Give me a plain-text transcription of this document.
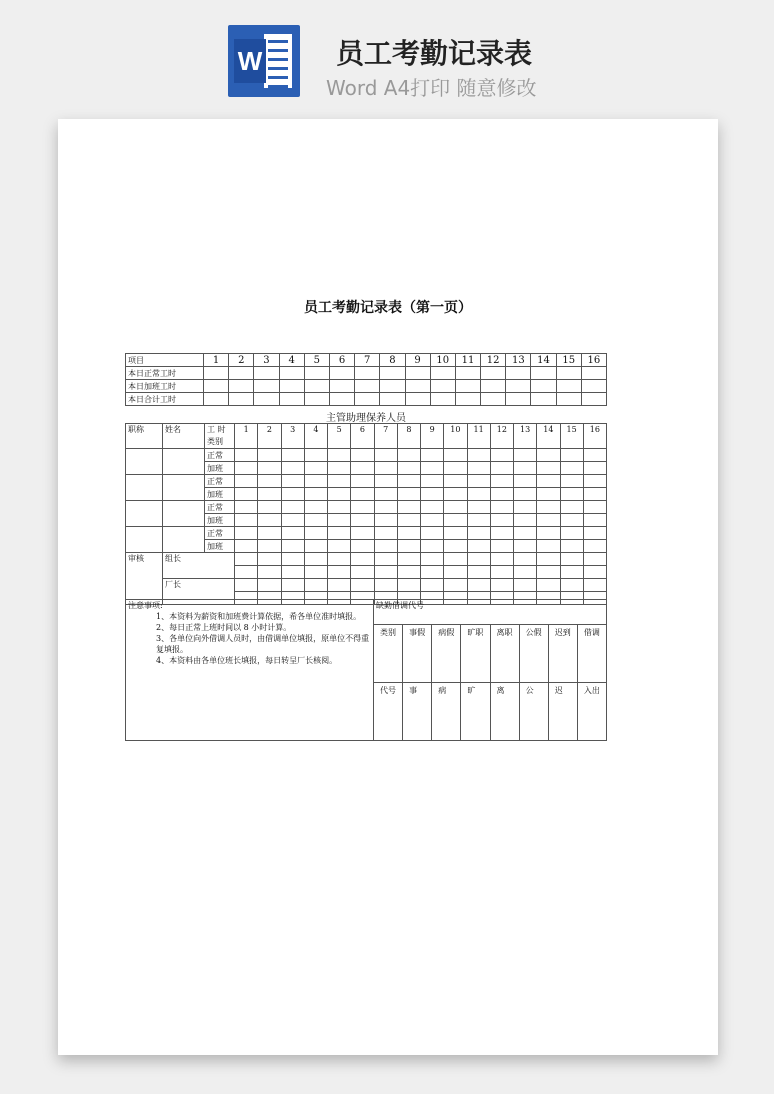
W	员工考勤记录表
Word A4打印 随意修改
员工考勤记录表（第一页）
项目	1	2	3	4	5	6	7	8	9	10	11	12	13	14	15	16
本日正常工时																
本日加班工时																
本日合计工时																
主管助理保养人员
职称	姓名	工 时 类别	1	2	3	4	5	6	7	8	9	10	11	12	13	14	15	16

		正常																
		加班																
		正常																
		加班																
		正常																
		加班																
		正常																
		加班																
审核	组长																	

	厂长																	

注意事项:

1、本资料为薪资和加班费计算依据，希各单位准时填报。

2、每日正常上班时间以 8 小时计算。

3、各单位向外借调人员时，由借调单位填报，原单位不得重复填报。

4、本资料由各单位班长填报，每日转呈厂长核阅。	缺勤借调代号							
	类别	事假	病假	旷职	离职	公假	迟到	借调
	代号	事	病	旷	离	公	迟	入出
